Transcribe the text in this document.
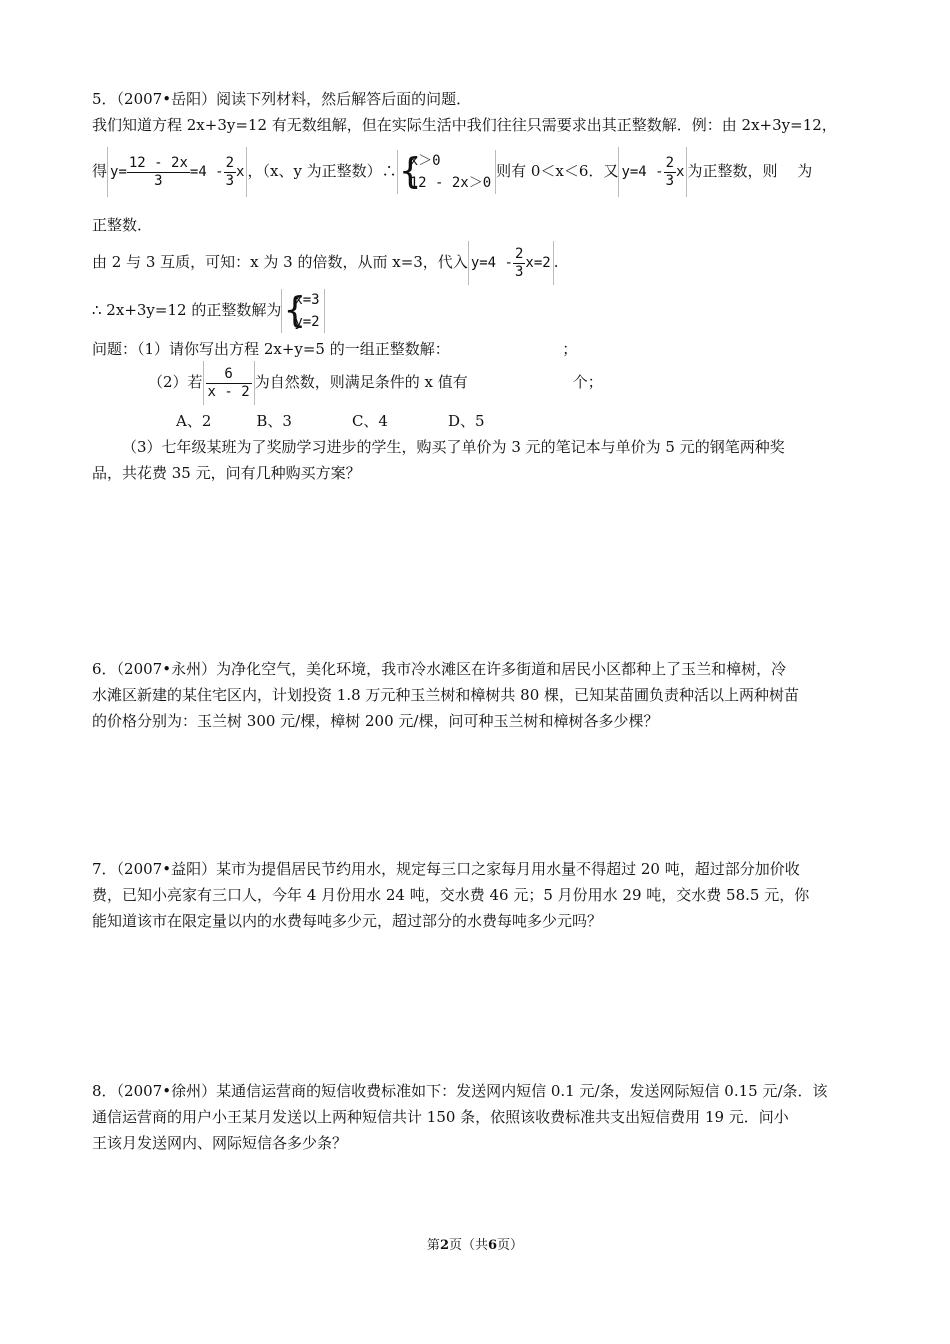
5．（2007•岳阳）阅读下列材料，然后解答后面的问题．
我们知道方程 2x+3y=12 有无数组解，但在实际生活中我们往往只需要求出其正整数解．例：由 2x+3y=12，
得 $y= \frac{12 - 2x}{3} =4 - \frac{2}{3}$ x ，（x、y 为正整数）∴
{ x＞0
12 - 2x＞0
则有 0＜x＜6．又 $y=4 - \frac{2}{3}$ x 为正整数，则　 为
正整数．
由 2 与 3 互质，可知：x 为 3 的倍数，从而 x=3，代入 $y=4 - \frac{2}{3} x=2$ .
∴ 2x+3y=12 的正整数解为
{ x=3
y=2
问题：（1）请你写出方程 2x+y=5 的一组正整数解：　　　　　　　　；
（2）若 $\frac{6}{x - 2}$ 为自然数，则满足条件的 x 值有　　　　　　　个；
A、2　　　B、3　　　　C、4　　　　D、5
（3）七年级某班为了奖励学习进步的学生，购买了单价为 3 元的笔记本与单价为 5 元的钢笔两种奖
品，共花费 35 元，问有几种购买方案？
6．（2007•永州）为净化空气，美化环境，我市冷水滩区在许多街道和居民小区都种上了玉兰和樟树，冷
水滩区新建的某住宅区内，计划投资 1.8 万元种玉兰树和樟树共 80 棵，已知某苗圃负责种活以上两种树苗
的价格分别为：玉兰树 300 元/棵，樟树 200 元/棵，问可种玉兰树和樟树各多少棵？
7．（2007•益阳）某市为提倡居民节约用水，规定每三口之家每月用水量不得超过 20 吨，超过部分加价收
费，已知小亮家有三口人，今年 4 月份用水 24 吨，交水费 46 元；5 月份用水 29 吨，交水费 58.5 元，你
能知道该市在限定量以内的水费每吨多少元，超过部分的水费每吨多少元吗？
8．（2007•徐州）某通信运营商的短信收费标准如下：发送网内短信 0.1 元/条，发送网际短信 0.15 元/条．该
通信运营商的用户小王某月发送以上两种短信共计 150 条，依照该收费标准共支出短信费用 19 元．问小
王该月发送网内、网际短信各多少条？
第2页（共6页）
